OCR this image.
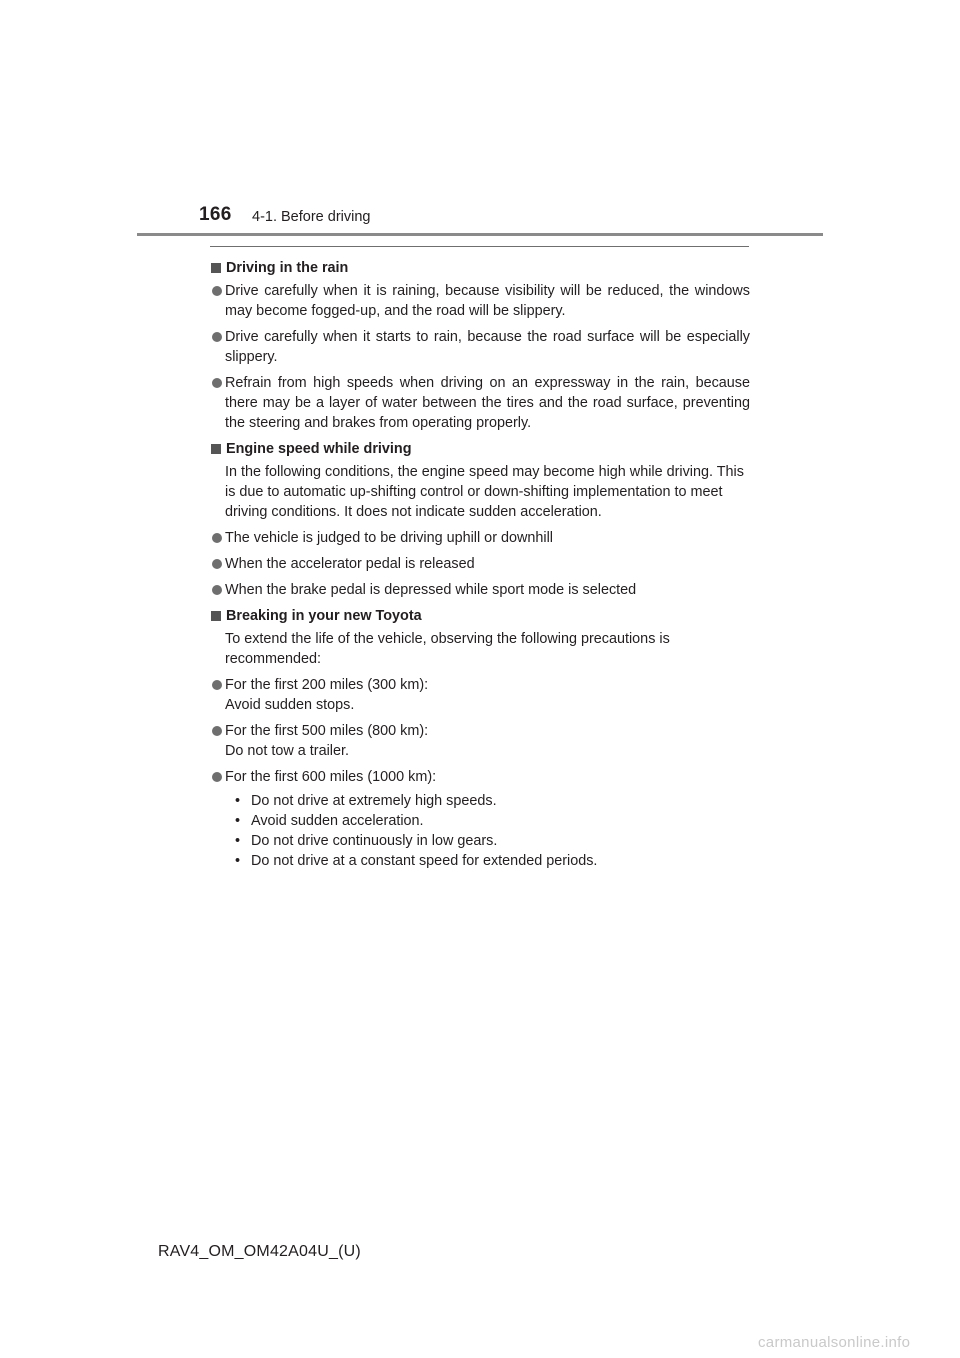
166 4-1. Before driving
Driving in the rain
Drive carefully when it is raining, because visibility will be reduced, the windows may become fogged-up, and the road will be slippery.
Drive carefully when it starts to rain, because the road surface will be especially slippery.
Refrain from high speeds when driving on an expressway in the rain, because there may be a layer of water between the tires and the road surface, preventing the steering and brakes from operating properly.
Engine speed while driving
In the following conditions, the engine speed may become high while driving. This is due to automatic up-shifting control or down-shifting implementation to meet driving conditions. It does not indicate sudden acceleration.
The vehicle is judged to be driving uphill or downhill
When the accelerator pedal is released
When the brake pedal is depressed while sport mode is selected
Breaking in your new Toyota
To extend the life of the vehicle, observing the following precautions is recommended:
For the first 200 miles (300 km):
Avoid sudden stops.
For the first 500 miles (800 km):
Do not tow a trailer.
For the first 600 miles (1000 km):
• Do not drive at extremely high speeds.
• Avoid sudden acceleration.
• Do not drive continuously in low gears.
• Do not drive at a constant speed for extended periods.
RAV4_OM_OM42A04U_(U)
carmanualsonline.info
